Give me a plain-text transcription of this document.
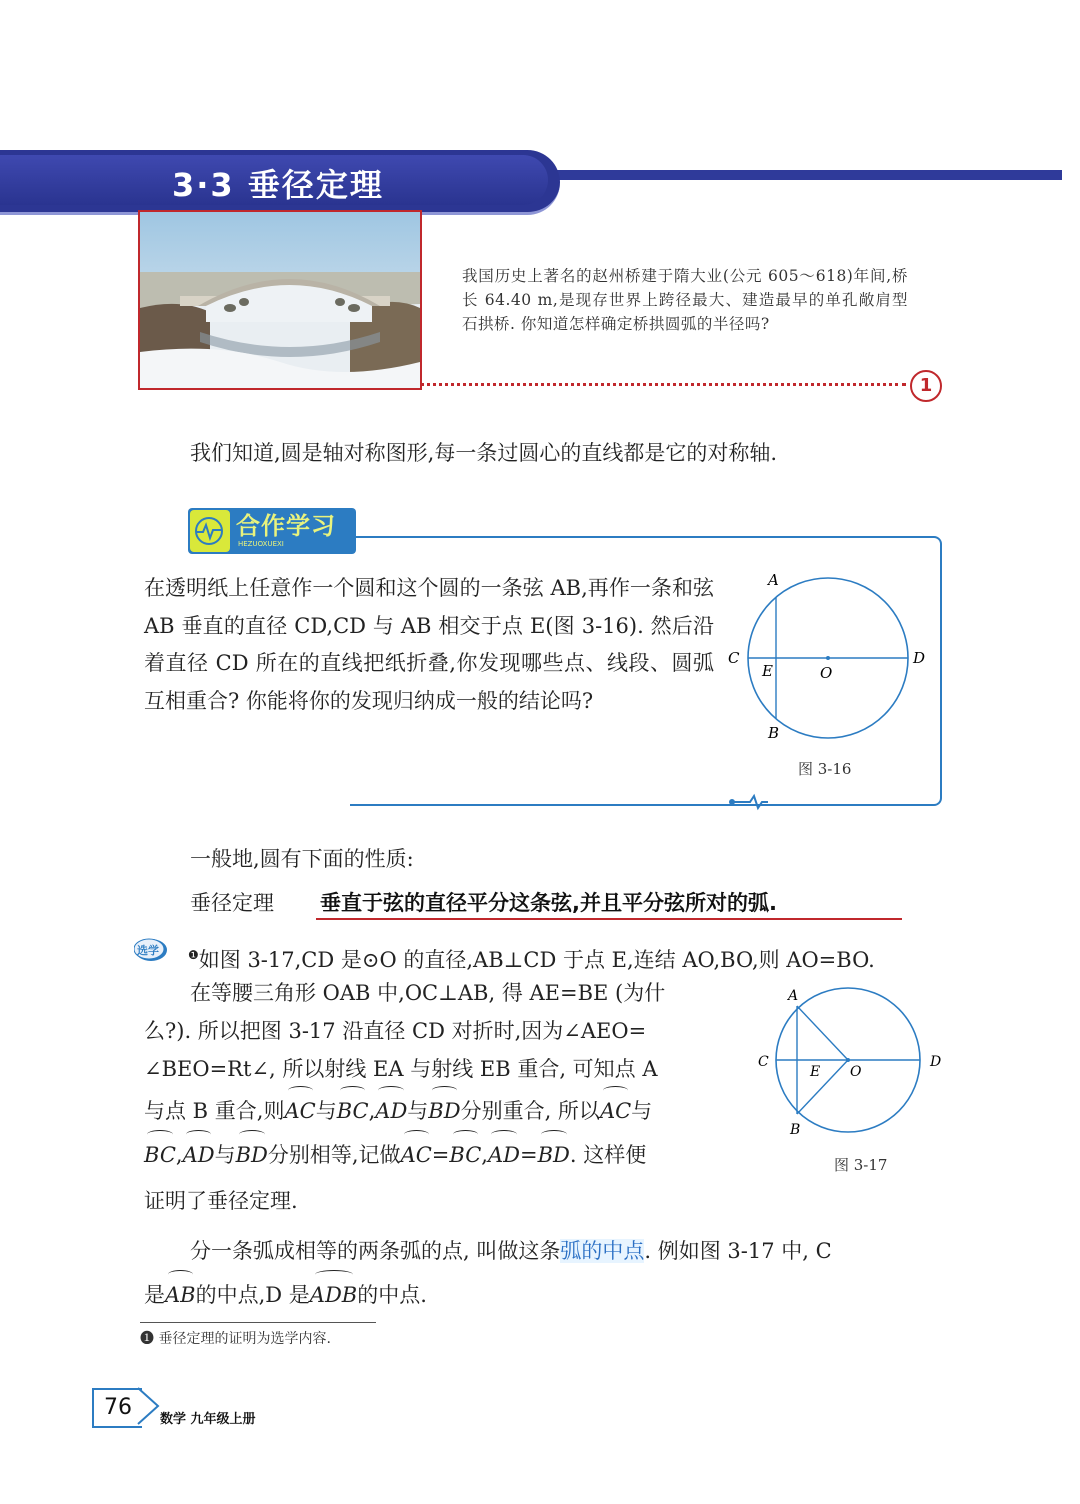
3·3 垂径定理
我国历史上著名的赵州桥建于隋大业(公元 605～618)年间,桥长 64.40 m,是现存世界上跨径最大、建造最早的单孔敞肩型石拱桥. 你知道怎样确定桥拱圆弧的半径吗?
1
我们知道,圆是轴对称图形,每一条过圆心的直线都是它的对称轴.
合作学习
HEZUOXUEXI
在透明纸上任意作一个圆和这个圆的一条弦 AB,再作一条和弦 AB 垂直的直径 CD,CD 与 AB 相交于点 E(图 3-16). 然后沿着直径 CD 所在的直线把纸折叠,你发现哪些点、线段、圆弧互相重合? 你能将你的发现归纳成一般的结论吗?
A
B
C	D
E	O
图 3-16
一般地,圆有下面的性质:
垂径定理 垂直于弦的直径平分这条弦,并且平分弦所对的弧.
选学 $^❶$如图 3-17,CD 是⊙O 的直径,AB⊥CD 于点 E,连结 AO,BO,则 AO=BO.
在等腰三角形 OAB 中,OC⊥AB, 得 AE=BE (为什
么?). 所以把图 3-17 沿直径 CD 对折时,因为∠AEO=
∠BEO=Rt∠, 所以射线 EA 与射线 EB 重合, 可知点 A
与点 B 重合,则AC与BC,AD与BD分别重合, 所以AC与
BC,AD与BD分别相等,记做AC=BC,AD=BD. 这样便
证明了垂径定理.
A
B
C	D
E O
图 3-17
分一条弧成相等的两条弧的点, 叫做这条弧的中点. 例如图 3-17 中, C
是AB的中点,D 是ADB的中点.
❶ 垂径定理的证明为选学内容.
76	数学 九年级上册
